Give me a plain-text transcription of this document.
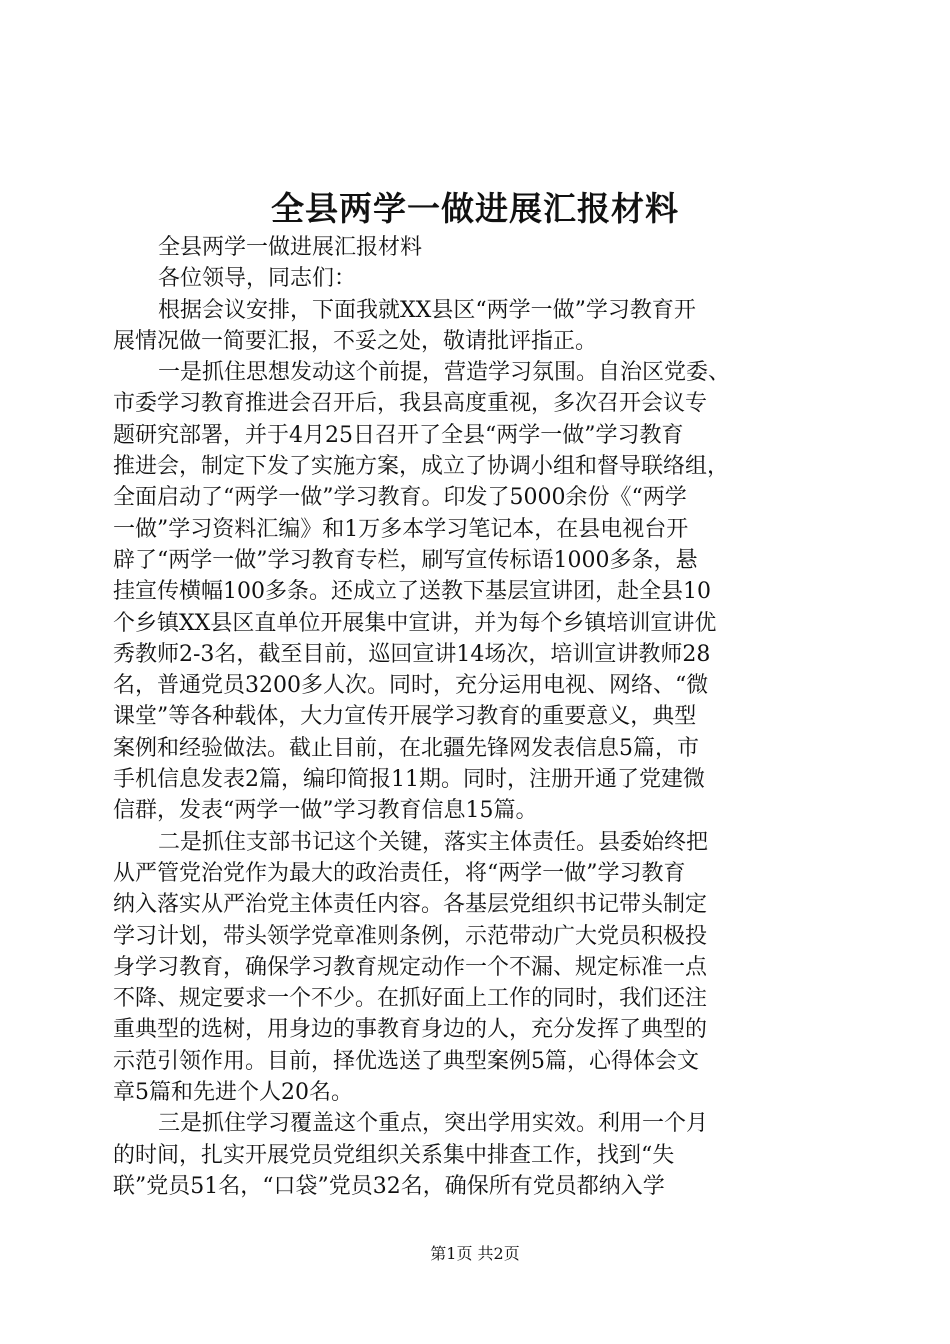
全县两学一做进展汇报材料
全县两学一做进展汇报材料
各位领导，同志们：
根据会议安排，下面我就XX县区“两学一做”学习教育开
展情况做一简要汇报，不妥之处，敬请批评指正。
一是抓住思想发动这个前提，营造学习氛围。自治区党委、
市委学习教育推进会召开后，我县高度重视，多次召开会议专
题研究部署，并于4月25日召开了全县“两学一做”学习教育
推进会，制定下发了实施方案，成立了协调小组和督导联络组，
全面启动了“两学一做”学习教育。印发了5000余份《“两学
一做”学习资料汇编》和1万多本学习笔记本，在县电视台开
辟了“两学一做”学习教育专栏，刷写宣传标语1000多条，悬
挂宣传横幅100多条。还成立了送教下基层宣讲团，赴全县10
个乡镇XX县区直单位开展集中宣讲，并为每个乡镇培训宣讲优
秀教师2-3名，截至目前，巡回宣讲14场次，培训宣讲教师28
名，普通党员3200多人次。同时，充分运用电视、网络、“微
课堂”等各种载体，大力宣传开展学习教育的重要意义，典型
案例和经验做法。截止目前，在北疆先锋网发表信息5篇，市
手机信息发表2篇，编印简报11期。同时，注册开通了党建微
信群，发表“两学一做”学习教育信息15篇。
二是抓住支部书记这个关键，落实主体责任。县委始终把
从严管党治党作为最大的政治责任，将“两学一做”学习教育
纳入落实从严治党主体责任内容。各基层党组织书记带头制定
学习计划，带头领学党章准则条例，示范带动广大党员积极投
身学习教育，确保学习教育规定动作一个不漏、规定标准一点
不降、规定要求一个不少。在抓好面上工作的同时，我们还注
重典型的选树，用身边的事教育身边的人，充分发挥了典型的
示范引领作用。目前，择优选送了典型案例5篇，心得体会文
章5篇和先进个人20名。
三是抓住学习覆盖这个重点，突出学用实效。利用一个月
的时间，扎实开展党员党组织关系集中排查工作，找到“失
联”党员51名，“口袋”党员32名，确保所有党员都纳入学
第1页 共2页
